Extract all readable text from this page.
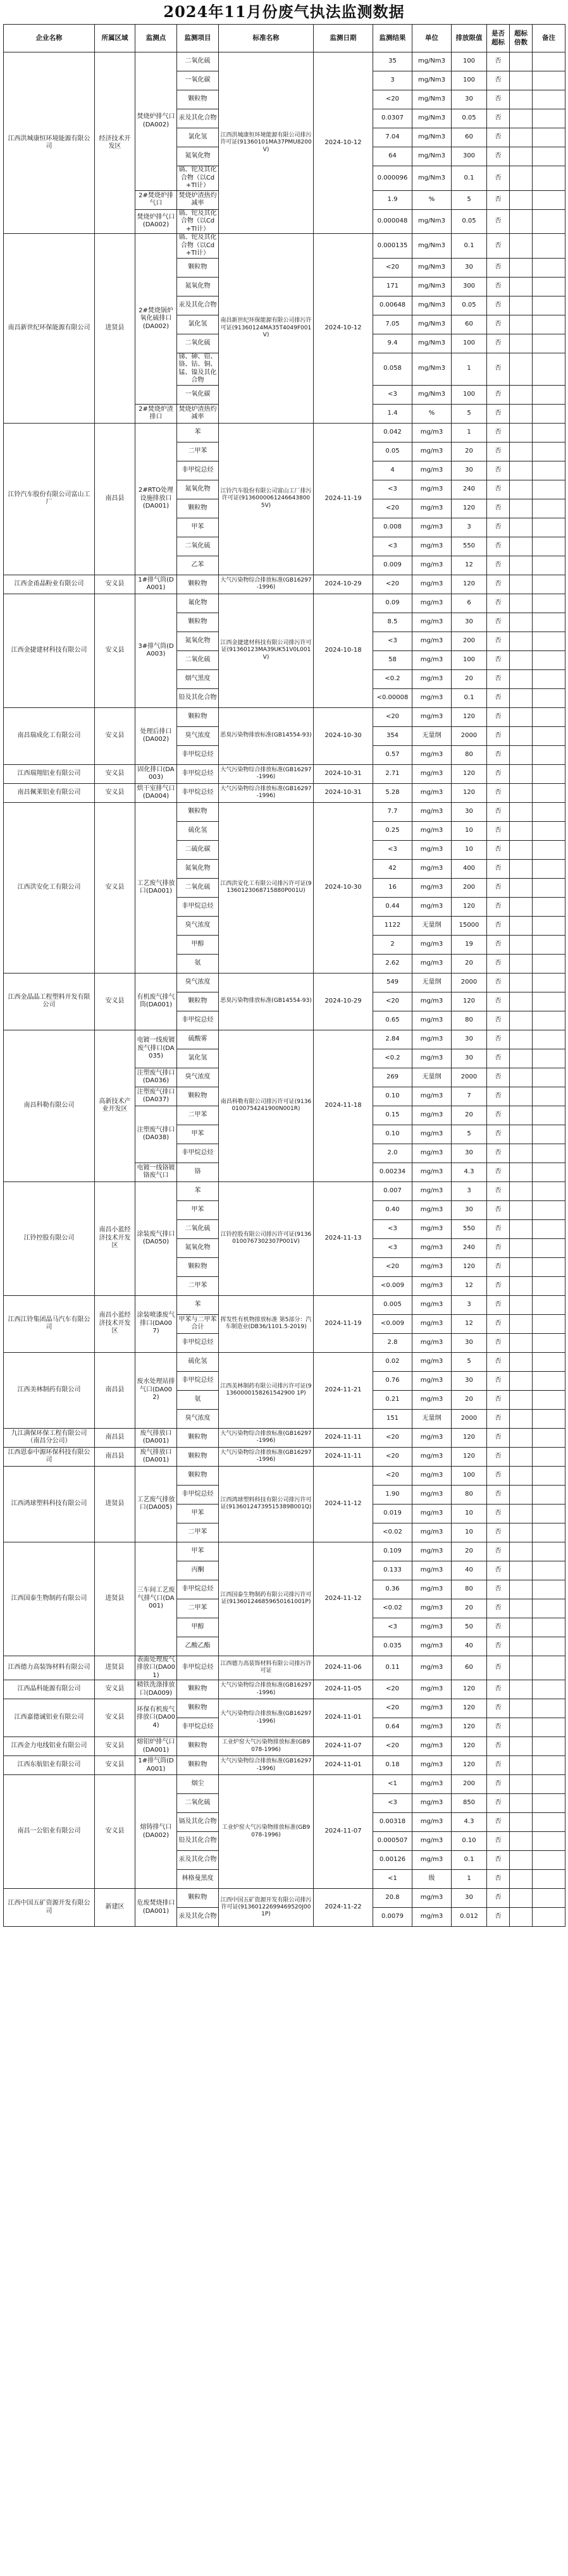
2024年11月份废气执法监测数据
企业名称	所属区域	监测点	监测项目	标准名称	监测日期	监测结果	单位	排放限值	是否超标	超标倍数	备注
江西洪城康恒环境能源有限公司	经济技术开发区	焚烧炉排气口(DA002)	二氧化硫	江西洪城康恒环境能源有限公司排污许可证(91360101MA37PMU8200V)	2024-10-12	35	mg/Nm3	100	否		
			一氧化碳			3	mg/Nm3	100	否		
			颗粒物			<20	mg/Nm3	30	否		
			汞及其化合物			0.0307	mg/Nm3	0.05	否		
			氯化氢			7.04	mg/Nm3	60	否		
			氮氧化物			64	mg/Nm3	300	否		
			镉、铊及其化合物（以Cd+Tl计）			0.000096	mg/Nm3	0.1	否		
		2#焚烧炉排气口	焚烧炉渣热灼减率			1.9	%	5	否		
		焚烧炉排气口(DA002)	镉、铊及其化合物（以Cd+Tl计）			0.000048	mg/Nm3	0.05	否		
南昌新世纪环保能源有限公司	进贤县	2#焚烧锅炉氧化硫排口(DA002)	镉、铊及其化合物（以Cd+Tl计）	南昌新世纪环保能源有限公司排污许可证(91360124MA35T4049F001V)	2024-10-12	0.000135	mg/Nm3	0.1	否		
			颗粒物			<20	mg/Nm3	30	否		
			氮氧化物			171	mg/Nm3	300	否		
			汞及其化合物			0.00648	mg/Nm3	0.05	否		
			氯化氢			7.05	mg/Nm3	60	否		
			二氧化硫			9.4	mg/Nm3	100	否		
			锑、砷、铅、铬、钴、铜、锰、镍及其化合物			0.058	mg/Nm3	1	否		
			一氧化碳			<3	mg/Nm3	100	否		
		2#焚烧炉渣排口	焚烧炉渣热灼减率			1.4	%	5	否		
江铃汽车股份有限公司富山工厂	南昌县	2#RTO处理设施排放口(DA001)	苯	江铃汽车股份有限公司富山工厂排污许可证(91360000612466438005V)	2024-11-19	0.042	mg/m3	1	否		
			二甲苯			0.05	mg/m3	20	否		
			非甲烷总烃			4	mg/m3	30	否		
			氮氧化物			<3	mg/m3	240	否		
			颗粒物			<20	mg/m3	120	否		
			甲苯			0.008	mg/m3	3	否		
			二氧化硫			<3	mg/m3	550	否		
			乙苯			0.009	mg/m3	12	否		
江西金甬晶粉业有限公司	安义县	1#排气筒(DA001)	颗粒物	大气污染物综合排放标准(GB16297-1996)	2024-10-29	<20	mg/m3	120	否		
江西金捷建材科技有限公司	安义县	3#排气筒(DA003)	氟化物	江西金捷建材科技有限公司排污许可证(91360123MA39UK51V0L001V)	2024-10-18	0.09	mg/m3	6	否		
			颗粒物			8.5	mg/m3	30	否		
			氮氧化物			<3	mg/m3	200	否		
			二氧化硫			58	mg/m3	100	否		
			烟气黑度			<0.2	mg/m3	20	否		
			铅及其化合物			<0.00008	mg/m3	0.1	否		
南昌瑞成化工有限公司	安义县	处理后排口(DA002)	颗粒物	恶臭污染物排放标准(GB14554-93)	2024-10-30	<20	mg/m3	120	否		
			臭气浓度			354	无量纲	2000	否		
			非甲烷总烃			0.57	mg/m3	80	否		
江西瑞翔铝业有限公司	安义县	固化排口(DA003)	非甲烷总烃	大气污染物综合排放标准(GB16297-1996)	2024-10-31	2.71	mg/m3	120	否		
南昌佩莱铝业有限公司	安义县	烘干室排气口(DA004)	非甲烷总烃	大气污染物综合排放标准(GB16297-1996)	2024-10-31	5.28	mg/m3	120	否		
江西洪安化工有限公司	安义县	工艺废气排放口(DA001)	颗粒物	江西洪安化工有限公司排污许可证(91360123068715880P001U)	2024-10-30	7.7	mg/m3	30	否		
			硫化氢			0.25	mg/m3	10	否		
			二硫化碳			<3	mg/m3	10	否		
			氮氧化物			42	mg/m3	400	否		
			二氧化硫			16	mg/m3	200	否		
			非甲烷总烃			0.44	mg/m3	120	否		
			臭气浓度			1122	无量纲	15000	否		
			甲醇			2	mg/m3	19	否		
			氨			2.62	mg/m3	20	否		
江西金晶晶工程塑料开发有限公司	安义县	有机废气排气筒(DA001)	臭气浓度	恶臭污染物排放标准(GB14554-93)	2024-10-29	549	无量纲	2000	否		
			颗粒物			<20	mg/m3	120	否		
			非甲烷总烃			0.65	mg/m3	80	否		
南昌科勒有限公司	高新技术产业开发区	电镀一线废镀废气排口(DA035)	硫酸雾	南昌科勒有限公司排污许可证(91360100754241900N001R)	2024-11-18	2.84	mg/m3	30	否		
			氯化氢			<0.2	mg/m3	30	否		
		注塑废气排口(DA036)	臭气浓度			269	无量纲	2000	否		
		注塑废气排口(DA037)	颗粒物			0.10	mg/m3	7	否		
		注塑废气排口(DA038)	二甲苯			0.15	mg/m3	20	否		
			甲苯			0.10	mg/m3	5	否		
			非甲烷总烃			2.0	mg/m3	30	否		
		电镀一线铬镀铬废气口	铬			0.00234	mg/m3	4.3	否		
江铃控股有限公司	南昌小蓝经济技术开发区	涂装废气排口(DA050)	苯	江铃控股有限公司排污许可证(91360100767302307P001V)	2024-11-13	0.007	mg/m3	3	否		
			甲苯			0.40	mg/m3	30	否		
			二氧化硫			<3	mg/m3	550	否		
			氮氧化物			<3	mg/m3	240	否		
			颗粒物			<20	mg/m3	120	否		
			二甲苯			<0.009	mg/m3	12	否		
江西江铃集团晶马汽车有限公司	南昌小蓝经济技术开发区	涂装喷漆废气排口(DA007)	苯	挥发性有机物排放标准 第5部分：汽车制造业(DB36/1101.5-2019)	2024-11-19	0.005	mg/m3	3	否		
			甲苯与二甲苯合计			<0.009	mg/m3	12	否		
			非甲烷总烃			2.8	mg/m3	30	否		
江西美林制药有限公司	南昌县	废水处理站排气口(DA002)	硫化氢	江西美林制药有限公司排污许可证(91360000158261542900 1P)	2024-11-21	0.02	mg/m3	5	否		
			非甲烷总烃			0.76	mg/m3	30	否		
			氨			0.21	mg/m3	20	否		
			臭气浓度			151	无量纲	2000	否		
九江满保环保工程有限公司（南昌分公司）	南昌县	废气排放口(DA001)	颗粒物	大气污染物综合排放标准(GB16297-1996)	2024-11-11	<20	mg/m3	120	否		
江西恩泰中源环保科技有限公司	南昌县	废气排放口(DA001)	颗粒物	大气污染物综合排放标准(GB16297-1996)	2024-11-11	<20	mg/m3	120	否		
江西鸿球塑料科技有限公司	进贤县	工艺废气排放口(DA005)	颗粒物	江西鸿球塑料科技有限公司排污许可证(91360124739515389B001Q)	2024-11-12	<20	mg/m3	100	否		
			非甲烷总烃			1.90	mg/m3	80	否		
			甲苯			0.019	mg/m3	10	否		
			二甲苯			<0.02	mg/m3	10	否		
江西国泰生物制药有限公司	进贤县	三车间工艺废气排气口(DA001)	甲苯	江西国泰生物制药有限公司排污许可证(913601246859650161001P)	2024-11-12	0.109	mg/m3	20	否		
			丙酮			0.133	mg/m3	40	否		
			非甲烷总烃			0.36	mg/m3	80	否		
			二甲苯			<0.02	mg/m3	20	否		
			甲醇			<3	mg/m3	50	否		
			乙酸乙酯			0.035	mg/m3	40	否		
江西德力高装饰材料有限公司	进贤县	表面处理废气排放口(DA001)	非甲烷总烃	江西德力高装饰材料有限公司排污许可证	2024-11-06	0.11	mg/m3	60	否		
江西晶科能源有限公司	安义县	精铁洗涤排放口(DA009)	颗粒物	大气污染物综合排放标准(GB16297-1996)	2024-11-05	<20	mg/m3	120	否		
江西嘉德诚铝业有限公司	安义县	环保有机废气排放口(DA004)	颗粒物	大气污染物综合排放标准(GB16297-1996)	2024-11-01	<20	mg/m3	120	否		
			非甲烷总烃			0.64	mg/m3	120	否		
江西金力电线铝业有限公司	安义县	熔铝炉排气口(DA001)	颗粒物	工业炉窑大气污染物排放标准(GB9078-1996)	2024-11-07	<20	mg/m3	120	否		
江西东航铝业有限公司	安义县	1#排气筒(DA001)	颗粒物	大气污染物综合排放标准(GB16297-1996)	2024-11-01	0.18	mg/m3	120	否		
南昌一公铝业有限公司	安义县	熔铸排气口(DA002)	烟尘	工业炉窑大气污染物排放标准(GB9078-1996)	2024-11-07	<1	mg/m3	200	否		
			二氧化硫			<3	mg/m3	850	否		
			镉及其化合物			0.00318	mg/m3	4.3	否		
			铅及其化合物			0.000507	mg/m3	0.10	否		
			汞及其化合物			0.00126	mg/m3	0.1	否		
			林格曼黑度			<1	级	1	否		
江西中国五矿资源开发有限公司	新建区	危废焚烧排口(DA001)	颗粒物	江西中国五矿资源开发有限公司排污许可证(91360122699469520J001P)	2024-11-22	20.8	mg/m3	30	否		
			汞及其化合物			0.0079	mg/m3	0.012	否		
